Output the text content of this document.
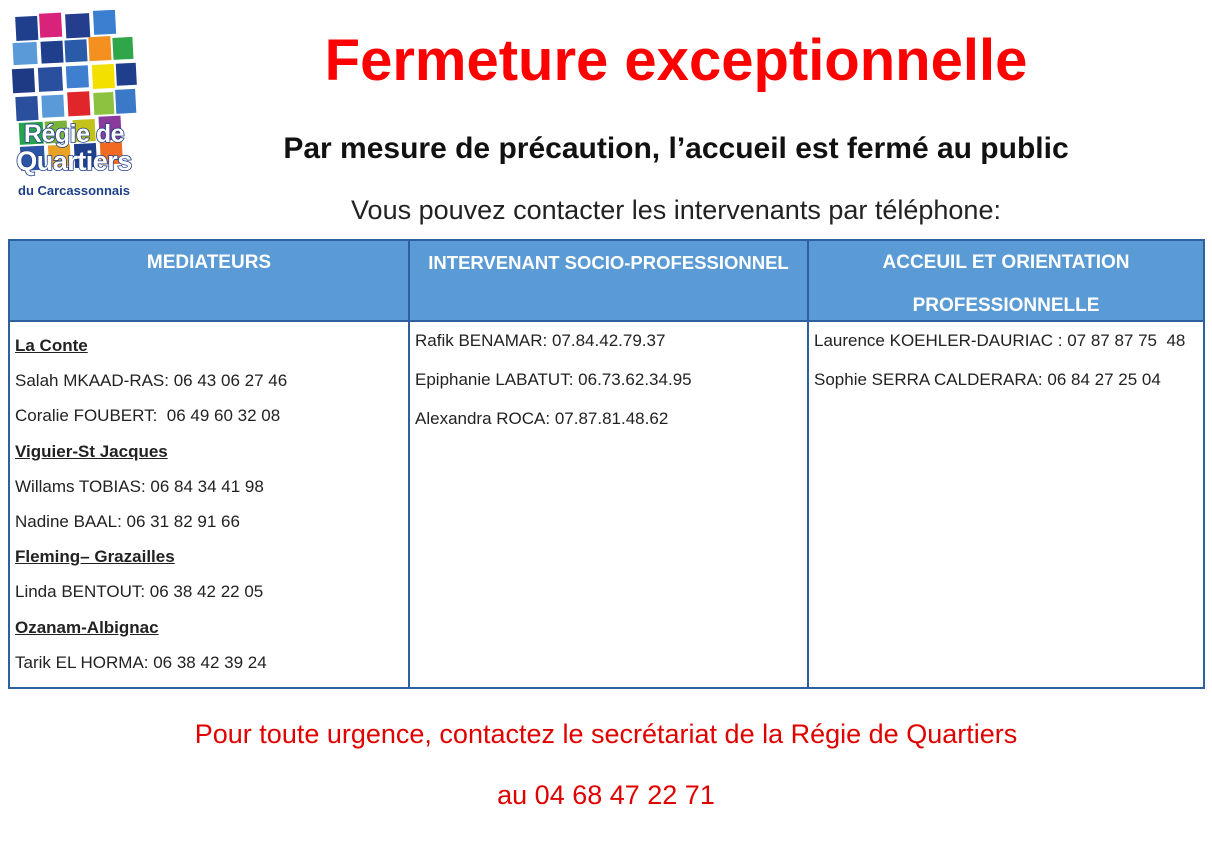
Régie de
Quartiers
du Carcassonnais
Fermeture exceptionnelle
Par mesure de précaution, l’accueil est fermé au public
Vous pouvez contacter les intervenants par téléphone:
MEDIATEURS	INTERVENANT SOCIO-PROFESSIONNEL	ACCEUIL ET ORIENTATION
PROFESSIONNELLE
La Conte
Salah MKAAD-RAS: 06 43 06 27 46
Coralie FOUBERT:  06 49 60 32 08
Viguier-St Jacques
Willams TOBIAS: 06 84 34 41 98
Nadine BAAL: 06 31 82 91 66
Fleming– Grazailles
Linda BENTOUT: 06 38 42 22 05
Ozanam-Albignac
Tarik EL HORMA: 06 38 42 39 24
Rafik BENAMAR: 07.84.42.79.37
Epiphanie LABATUT: 06.73.62.34.95
Alexandra ROCA: 07.87.81.48.62
Laurence KOEHLER-DAURIAC : 07 87 87 75  48
Sophie SERRA CALDERARA: 06 84 27 25 04
Pour toute urgence, contactez le secrétariat de la Régie de Quartiers
au 04 68 47 22 71
